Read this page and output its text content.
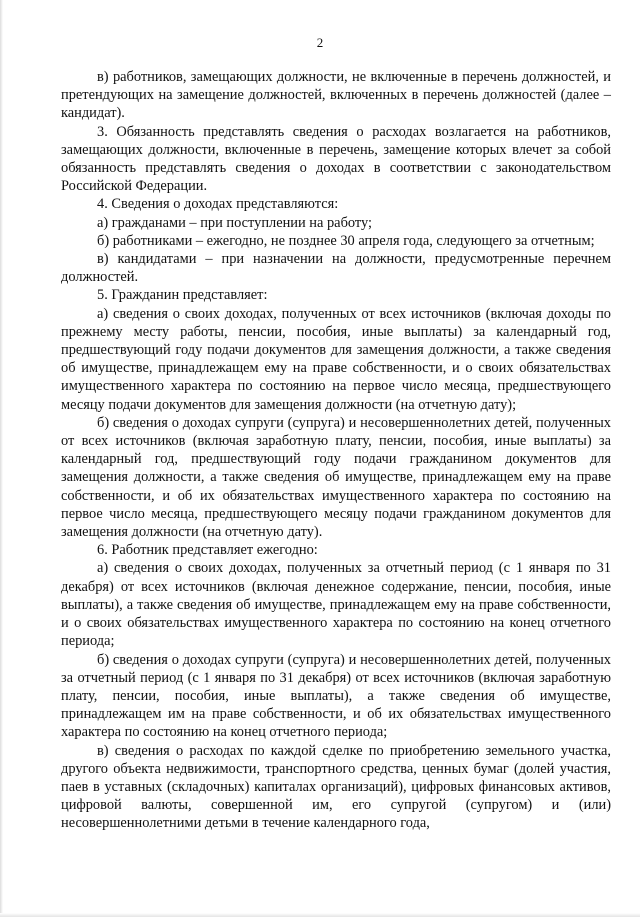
2

в) работников, замещающих должности, не включенные в перечень должностей, и претендующих на замещение должностей, включенных в перечень должностей (далее – кандидат).

3. Обязанность представлять сведения о расходах возлагается на работников, замещающих должности, включенные в перечень, замещение которых влечет за собой обязанность представлять сведения о доходах в соответствии с законодательством Российской Федерации.

4. Сведения о доходах представляются:

а) гражданами – при поступлении на работу;

б) работниками – ежегодно, не позднее 30 апреля года, следующего за отчетным;

в) кандидатами – при назначении на должности, предусмотренные перечнем должностей.

5. Гражданин представляет:

а) сведения о своих доходах, полученных от всех источников (включая доходы по прежнему месту работы, пенсии, пособия, иные выплаты) за календарный год, предшествующий году подачи документов для замещения должности, а также сведения об имуществе, принадлежащем ему на праве собственности, и о своих обязательствах имущественного характера по состоянию на первое число месяца, предшествующего месяцу подачи документов для замещения должности (на отчетную дату);

б) сведения о доходах супруги (супруга) и несовершеннолетних детей, полученных от всех источников (включая заработную плату, пенсии, пособия, иные выплаты) за календарный год, предшествующий году подачи гражданином документов для замещения должности, а также сведения об имуществе, принадлежащем ему на праве собственности, и об их обязательствах имущественного характера по состоянию на первое число месяца, предшествующего месяцу подачи гражданином документов для замещения должности (на отчетную дату).

6. Работник представляет ежегодно:

а) сведения о своих доходах, полученных за отчетный период (с 1 января по 31 декабря) от всех источников (включая денежное содержание, пенсии, пособия, иные выплаты), а также сведения об имуществе, принадлежащем ему на праве собственности, и о своих обязательствах имущественного характера по состоянию на конец отчетного периода;

б) сведения о доходах супруги (супруга) и несовершеннолетних детей, полученных за отчетный период (с 1 января по 31 декабря) от всех источников (включая заработную плату, пенсии, пособия, иные выплаты), а также сведения об имуществе, принадлежащем им на праве собственности, и об их обязательствах имущественного характера по состоянию на конец отчетного периода;

в) сведения о расходах по каждой сделке по приобретению земельного участка, другого объекта недвижимости, транспортного средства, ценных бумаг (долей участия, паев в уставных (складочных) капиталах организаций), цифровых финансовых активов, цифровой валюты, совершенной им, его супругой (супругом) и (или) несовершеннолетними детьми в течение календарного года,
